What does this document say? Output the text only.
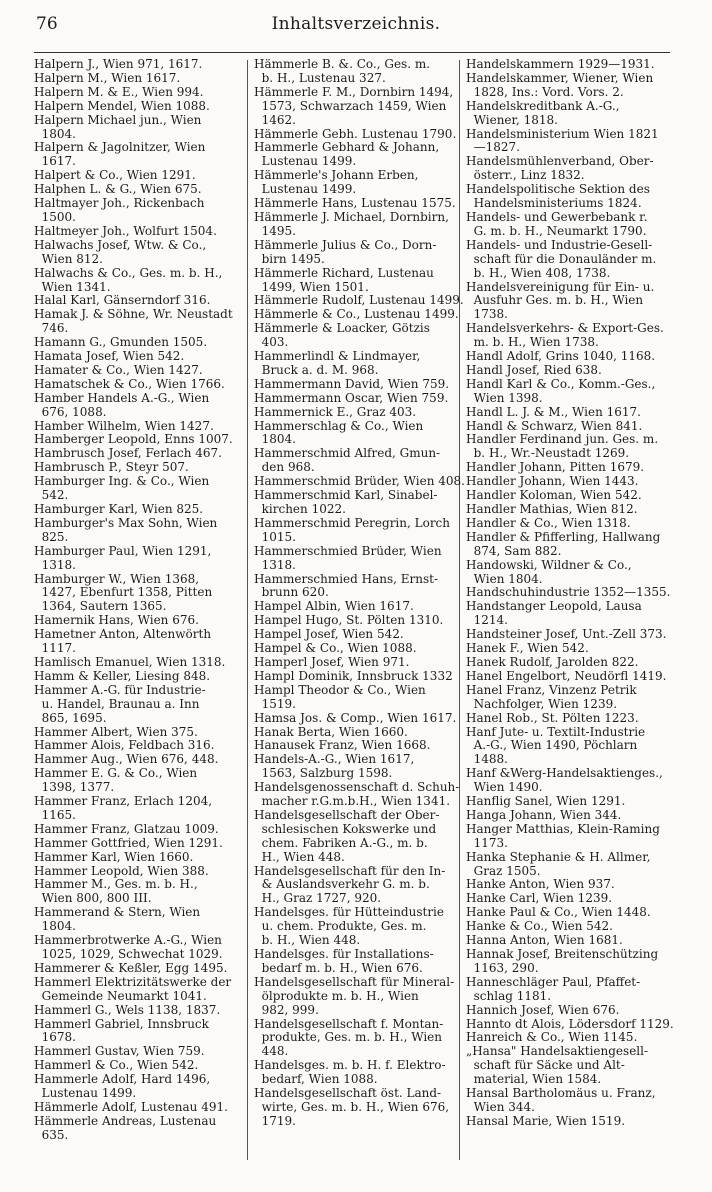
76	Inhaltsverzeichnis.
Halpern J., Wien 971, 1617.
Halpern M., Wien 1617.
Halpern M. & E., Wien 994.
Halpern Mendel, Wien 1088.
Halpern Michael jun., Wien
1804.
Halpern & Jagolnitzer, Wien
1617.
Halpert & Co., Wien 1291.
Halphen L. & G., Wien 675.
Haltmayer Joh., Rickenbach
1500.
Haltmeyer Joh., Wolfurt 1504.
Halwachs Josef, Wtw. & Co.,
Wien 812.
Halwachs & Co., Ges. m. b. H.,
Wien 1341.
Halal Karl, Gänserndorf 316.
Hamak J. & Söhne, Wr. Neustadt
746.
Hamann G., Gmunden 1505.
Hamata Josef, Wien 542.
Hamater & Co., Wien 1427.
Hamatschek & Co., Wien 1766.
Hamber Handels A.-G., Wien
676, 1088.
Hamber Wilhelm, Wien 1427.
Hamberger Leopold, Enns 1007.
Hambrusch Josef, Ferlach 467.
Hambrusch P., Steyr 507.
Hamburger Ing. & Co., Wien
542.
Hamburger Karl, Wien 825.
Hamburger's Max Sohn, Wien
825.
Hamburger Paul, Wien 1291,
1318.
Hamburger W., Wien 1368,
1427, Ebenfurt 1358, Pitten
1364, Sautern 1365.
Hamernik Hans, Wien 676.
Hametner Anton, Altenwörth
1117.
Hamlisch Emanuel, Wien 1318.
Hamm & Keller, Liesing 848.
Hammer A.-G. für Industrie-
u. Handel, Braunau a. Inn
865, 1695.
Hammer Albert, Wien 375.
Hammer Alois, Feldbach 316.
Hammer Aug., Wien 676, 448.
Hammer E. G. & Co., Wien
1398, 1377.
Hammer Franz, Erlach 1204,
1165.
Hammer Franz, Glatzau 1009.
Hammer Gottfried, Wien 1291.
Hammer Karl, Wien 1660.
Hammer Leopold, Wien 388.
Hammer M., Ges. m. b. H.,
Wien 800, 800 III.
Hammerand & Stern, Wien
1804.
Hammerbrotwerke A.-G., Wien
1025, 1029, Schwechat 1029.
Hammerer & Keßler, Egg 1495.
Hammerl Elektrizitätswerke der
Gemeinde Neumarkt 1041.
Hammerl G., Wels 1138, 1837.
Hammerl Gabriel, Innsbruck
1678.
Hammerl Gustav, Wien 759.
Hammerl & Co., Wien 542.
Hammerle Adolf, Hard 1496,
Lustenau 1499.
Hämmerle Adolf, Lustenau 491.
Hämmerle Andreas, Lustenau
635.
Hämmerle B. &. Co., Ges. m.
b. H., Lustenau 327.
Hämmerle F. M., Dornbirn 1494,
1573, Schwarzach 1459, Wien
1462.
Hämmerle Gebh. Lustenau 1790.
Hammerle Gebhard & Johann,
Lustenau 1499.
Hämmerle's Johann Erben,
Lustenau 1499.
Hämmerle Hans, Lustenau 1575.
Hämmerle J. Michael, Dornbirn,
1495.
Hämmerle Julius & Co., Dorn-
birn 1495.
Hämmerle Richard, Lustenau
1499, Wien 1501.
Hämmerle Rudolf, Lustenau 1499.
Hämmerle & Co., Lustenau 1499.
Hämmerle & Loacker, Götzis
403.
Hammerlindl & Lindmayer,
Bruck a. d. M. 968.
Hammermann David, Wien 759.
Hammermann Oscar, Wien 759.
Hammernick E., Graz 403.
Hammerschlag & Co., Wien
1804.
Hammerschmid Alfred, Gmun-
den 968.
Hammerschmid Brüder, Wien 408.
Hammerschmid Karl, Sinabel-
kirchen 1022.
Hammerschmid Peregrin, Lorch
1015.
Hammerschmied Brüder, Wien
1318.
Hammerschmied Hans, Ernst-
brunn 620.
Hampel Albin, Wien 1617.
Hampel Hugo, St. Pölten 1310.
Hampel Josef, Wien 542.
Hampel & Co., Wien 1088.
Hamperl Josef, Wien 971.
Hampl Dominik, Innsbruck 1332
Hampl Theodor & Co., Wien
1519.
Hamsa Jos. & Comp., Wien 1617.
Hanak Berta, Wien 1660.
Hanausek Franz, Wien 1668.
Handels-A.-G., Wien 1617,
1563, Salzburg 1598.
Handelsgenossenschaft d. Schuh-
macher r.G.m.b.H., Wien 1341.
Handelsgesellschaft der Ober-
schlesischen Kokswerke und
chem. Fabriken A.-G., m. b.
H., Wien 448.
Handelsgesellschaft für den In-
& Auslandsverkehr G. m. b.
H., Graz 1727, 920.
Handelsges. für Hütteindustrie
u. chem. Produkte, Ges. m.
b. H., Wien 448.
Handelsges. für Installations-
bedarf m. b. H., Wien 676.
Handelsgesellschaft für Mineral-
ölprodukte m. b. H., Wien
982, 999.
Handelsgesellschaft f. Montan-
produkte, Ges. m. b. H., Wien
448.
Handelsges. m. b. H. f. Elektro-
bedarf, Wien 1088.
Handelsgesellschaft öst. Land-
wirte, Ges. m. b. H., Wien 676,
1719.
Handelskammern 1929—1931.
Handelskammer, Wiener, Wien
1828, Ins.: Vord. Vors. 2.
Handelskreditbank A.-G.,
Wiener, 1818.
Handelsministerium Wien 1821
—1827.
Handelsmühlenverband, Ober-
österr., Linz 1832.
Handelspolitische Sektion des
Handelsministeriums 1824.
Handels- und Gewerbebank r.
G. m. b. H., Neumarkt 1790.
Handels- und Industrie-Gesell-
schaft für die Donauländer m.
b. H., Wien 408, 1738.
Handelsvereinigung für Ein- u.
Ausfuhr Ges. m. b. H., Wien
1738.
Handelsverkehrs- & Export-Ges.
m. b. H., Wien 1738.
Handl Adolf, Grins 1040, 1168.
Handl Josef, Ried 638.
Handl Karl & Co., Komm.-Ges.,
Wien 1398.
Handl L. J. & M., Wien 1617.
Handl & Schwarz, Wien 841.
Handler Ferdinand jun. Ges. m.
b. H., Wr.-Neustadt 1269.
Handler Johann, Pitten 1679.
Handler Johann, Wien 1443.
Handler Koloman, Wien 542.
Handler Mathias, Wien 812.
Handler & Co., Wien 1318.
Handler & Pfifferling, Hallwang
874, Sam 882.
Handowski, Wildner & Co.,
Wien 1804.
Handschuhindustrie 1352—1355.
Handstanger Leopold, Lausa
1214.
Handsteiner Josef, Unt.-Zell 373.
Hanek F., Wien 542.
Hanek Rudolf, Jarolden 822.
Hanel Engelbort, Neudörfl 1419.
Hanel Franz, Vinzenz Petrik
Nachfolger, Wien 1239.
Hanel Rob., St. Pölten 1223.
Hanf Jute- u. Textilt-Industrie
A.-G., Wien 1490, Pöchlarn
1488.
Hanf &Werg-Handelsaktienges.,
Wien 1490.
Hanflig Sanel, Wien 1291.
Hanga Johann, Wien 344.
Hanger Matthias, Klein-Raming
1173.
Hanka Stephanie & H. Allmer,
Graz 1505.
Hanke Anton, Wien 937.
Hanke Carl, Wien 1239.
Hanke Paul & Co., Wien 1448.
Hanke & Co., Wien 542.
Hanna Anton, Wien 1681.
Hannak Josef, Breitenschützing
1163, 290.
Hanneschläger Paul, Pfaffet-
schlag 1181.
Hannich Josef, Wien 676.
Hannto dt Alois, Lödersdorf 1129.
Hanreich & Co., Wien 1145.
„Hansa" Handelsaktiengesell-
schaft für Säcke und Alt-
material, Wien 1584.
Hansal Bartholomäus u. Franz,
Wien 344.
Hansal Marie, Wien 1519.
